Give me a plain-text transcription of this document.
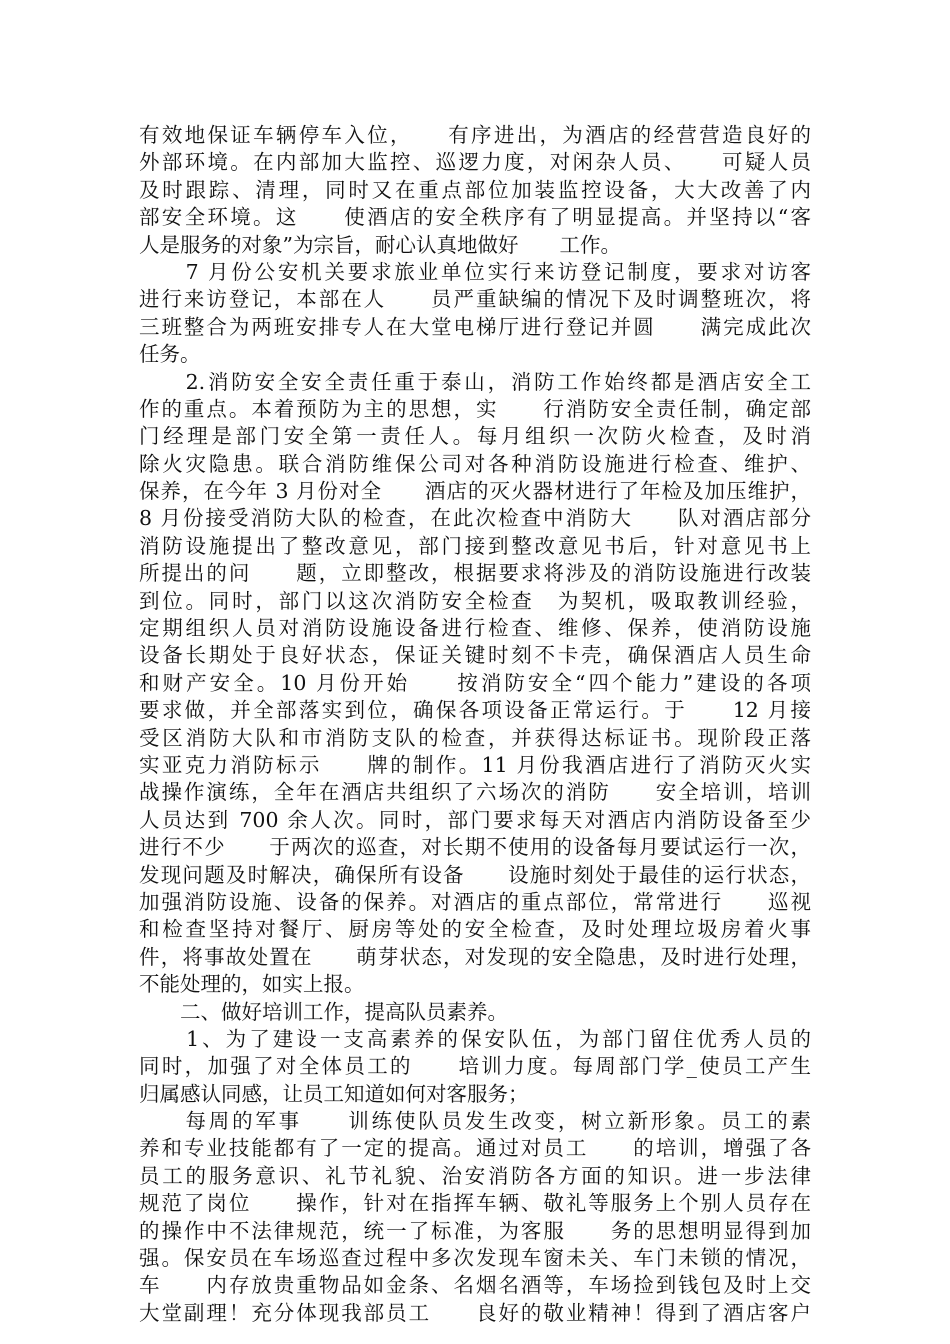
有效地保证车辆停车入位，　　有序进出，为酒店的经营营造良好的
外部环境。在内部加大监控、巡逻力度，对闲杂人员、　　可疑人员
及时跟踪、清理，同时又在重点部位加装监控设备，大大改善了内
部安全环境。这　　使酒店的安全秩序有了明显提高。并坚持以“客
人是服务的对象”为宗旨，耐心认真地做好　　工作。
　　7 月份公安机关要求旅业单位实行来访登记制度，要求对访客
进行来访登记，本部在人　　员严重缺编的情况下及时调整班次，将
三班整合为两班安排专人在大堂电梯厅进行登记并圆　　满完成此次
任务。
　　2.消防安全安全责任重于泰山，消防工作始终都是酒店安全工
作的重点。本着预防为主的思想，实　　行消防安全责任制，确定部
门经理是部门安全第一责任人。每月组织一次防火检查，及时消
除火灾隐患。联合消防维保公司对各种消防设施进行检查、维护、
保养，在今年 3 月份对全　　酒店的灭火器材进行了年检及加压维护，
8 月份接受消防大队的检查，在此次检查中消防大　　队对酒店部分
消防设施提出了整改意见，部门接到整改意见书后，针对意见书上
所提出的问　　题，立即整改，根据要求将涉及的消防设施进行改装
到位。同时，部门以这次消防安全检查　为契机，吸取教训经验，
定期组织人员对消防设施设备进行检查、维修、保养，使消防设施
设备长期处于良好状态，保证关键时刻不卡壳，确保酒店人员生命
和财产安全。10 月份开始　　按消防安全“四个能力”建设的各项
要求做，并全部落实到位，确保各项设备正常运行。于　　12 月接
受区消防大队和市消防支队的检查，并获得达标证书。现阶段正落
实亚克力消防标示　　牌的制作。11 月份我酒店进行了消防灭火实
战操作演练，全年在酒店共组织了六场次的消防　　安全培训，培训
人员达到 700 余人次。同时，部门要求每天对酒店内消防设备至少
进行不少　　于两次的巡查，对长期不使用的设备每月要试运行一次，
发现问题及时解决，确保所有设备　　设施时刻处于最佳的运行状态，
加强消防设施、设备的保养。对酒店的重点部位，常常进行　　巡视
和检查坚持对餐厅、厨房等处的安全检查，及时处理垃圾房着火事
件，将事故处置在　　萌芽状态，对发现的安全隐患，及时进行处理，
不能处理的，如实上报。
　　二、做好培训工作，提高队员素养。
　　1、为了建设一支高素养的保安队伍，为部门留住优秀人员的
同时，加强了对全体员工的　　培训力度。每周部门学_使员工产生
归属感认同感，让员工知道如何对客服务；
　　每周的军事　　训练使队员发生改变，树立新形象。员工的素
养和专业技能都有了一定的提高。通过对员工　　的培训，增强了各
员工的服务意识、礼节礼貌、治安消防各方面的知识。进一步法律
规范了岗位　　操作，针对在指挥车辆、敬礼等服务上个别人员存在
的操作中不法律规范，统一了标准，为客服　　务的思想明显得到加
强。保安员在车场巡查过程中多次发现车窗未关、车门未锁的情况，
车　　内存放贵重物品如金条、名烟名酒等，车场捡到钱包及时上交
大堂副理！充分体现我部员工　　良好的敬业精神！得到了酒店客户
